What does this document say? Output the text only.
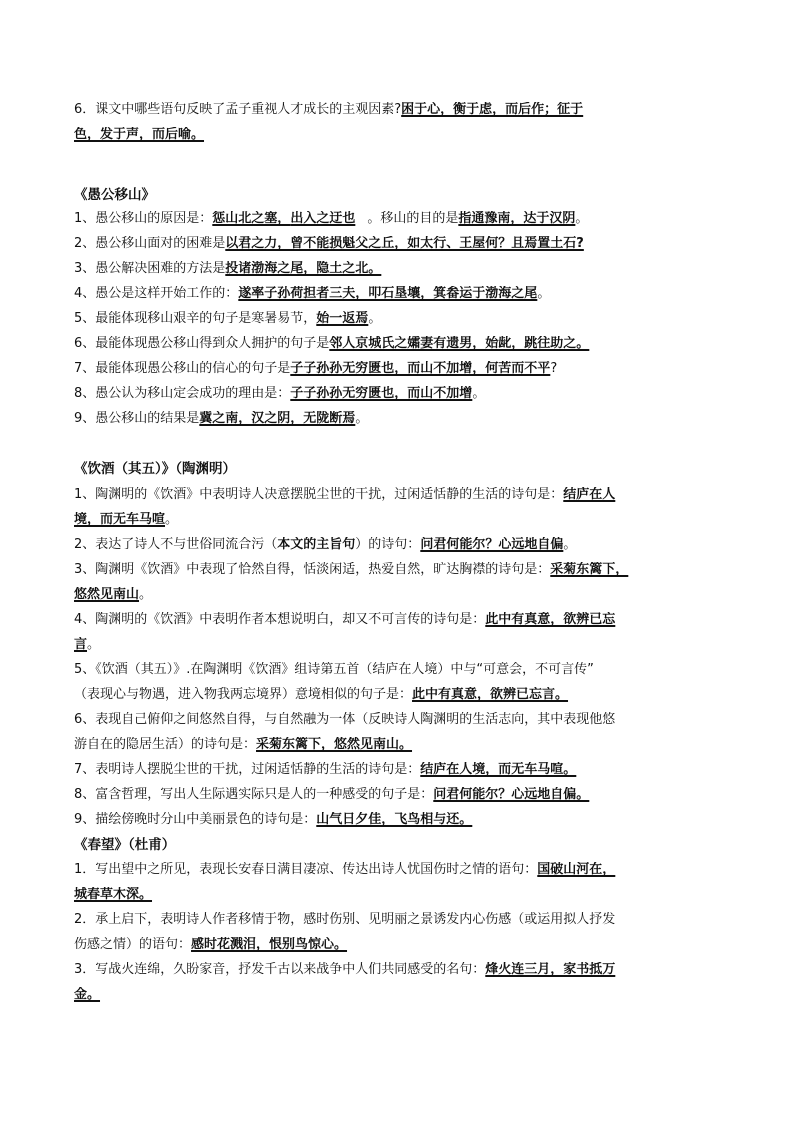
6．课文中哪些语句反映了孟子重视人才成长的主观因素?困于心，衡于虑，而后作；征于
色，发于声，而后喻。
《愚公移山》
1、愚公移山的原因是：惩山北之塞，出入之迂也 。移山的目的是指通豫南，达于汉阴。
2、愚公移山面对的困难是以君之力，曾不能损魁父之丘，如太行、王屋何？且焉置土石?
3、愚公解决困难的方法是投诸渤海之尾，隐土之北。
4、愚公是这样开始工作的：遂率子孙荷担者三夫，叩石垦壤，箕畚运于渤海之尾。
5、最能体现移山艰辛的句子是寒暑易节，始一返焉。
6、最能体现愚公移山得到众人拥护的句子是邻人京城氏之孀妻有遗男，始龀，跳往助之。
7、最能体现愚公移山的信心的句子是子子孙孙无穷匮也，而山不加增，何苦而不平?
8、愚公认为移山定会成功的理由是：子子孙孙无穷匮也，而山不加增。
9、愚公移山的结果是冀之南，汉之阴，无陇断焉。
《饮酒（其五）》（陶渊明）
1、陶渊明的《饮酒》中表明诗人决意摆脱尘世的干扰，过闲适恬静的生活的诗句是：结庐在人
境，而无车马喧。
2、表达了诗人不与世俗同流合污（本文的主旨句）的诗句：问君何能尔？心远地自偏。
3、陶渊明《饮酒》中表现了恰然自得，恬淡闲适，热爱自然，旷达胸襟的诗句是：采菊东篱下，
悠然见南山。
4、陶渊明的《饮酒》中表明作者本想说明白，却又不可言传的诗句是：此中有真意，欲辨已忘
言。
5、《饮酒（其五）》.在陶渊明《饮酒》组诗第五首（结庐在人境）中与“可意会，不可言传”
（表现心与物遇，进入物我两忘境界）意境相似的句子是：此中有真意，欲辨已忘言。
6、表现自己俯仰之间悠然自得，与自然融为一体（反映诗人陶渊明的生活志向，其中表现他悠
游自在的隐居生活）的诗句是：采菊东篱下，悠然见南山。
7、表明诗人摆脱尘世的干扰，过闲适恬静的生活的诗句是：结庐在人境，而无车马喧。
8、富含哲理，写出人生际遇实际只是人的一种感受的句子是：问君何能尔？心远地自偏。
9、描绘傍晚时分山中美丽景色的诗句是：山气日夕佳，飞鸟相与还。
《春望》（杜甫）
1．写出望中之所见，表现长安春日满目凄凉、传达出诗人忧国伤时之情的语句：国破山河在，
城春草木深。
2．承上启下，表明诗人作者移情于物，感时伤别、见明丽之景诱发内心伤感（或运用拟人抒发
伤感之情）的语句：感时花溅泪，恨别鸟惊心。
3．写战火连绵，久盼家音，抒发千古以来战争中人们共同感受的名句：烽火连三月，家书抵万
金。
